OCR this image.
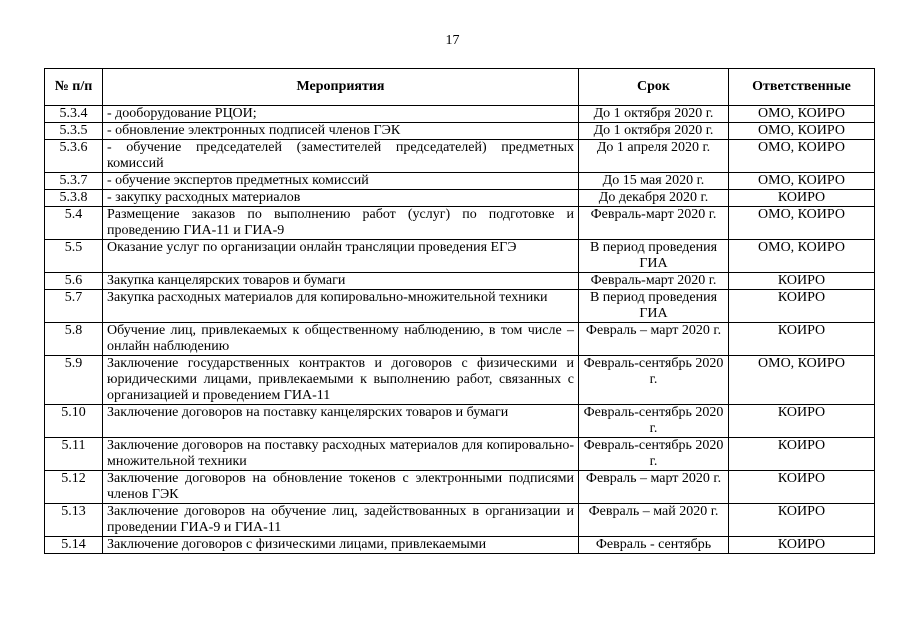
17
№ п/п	Мероприятия	Срок	Ответственные
5.3.4	- дооборудование РЦОИ;	До 1 октября 2020 г.	ОМО, КОИРО
5.3.5	- обновление электронных подписей членов ГЭК	До 1 октября 2020 г.	ОМО, КОИРО
5.3.6	- обучение председателей (заместителей председателей) предметных комиссий	До 1 апреля 2020 г.	ОМО, КОИРО
5.3.7	- обучение экспертов предметных комиссий	До 15 мая 2020 г.	ОМО, КОИРО
5.3.8	- закупку расходных материалов	До декабря 2020 г.	КОИРО
5.4	Размещение заказов по выполнению работ (услуг) по подготовке и проведению ГИА-11 и ГИА-9	Февраль-март 2020 г.	ОМО, КОИРО
5.5	Оказание услуг по организации онлайн трансляции проведения ЕГЭ	В период проведения ГИА	ОМО, КОИРО
5.6	Закупка канцелярских товаров и бумаги	Февраль-март 2020 г.	КОИРО
5.7	Закупка расходных материалов для копировально-множительной техники	В период проведения ГИА	КОИРО
5.8	Обучение лиц, привлекаемых к общественному наблюдению, в том числе – онлайн наблюдению	Февраль – март 2020 г.	КОИРО
5.9	Заключение государственных контрактов и договоров с физическими и юридическими лицами, привлекаемыми к выполнению работ, связанных с организацией и проведением ГИА-11	Февраль-сентябрь 2020 г.	ОМО, КОИРО
5.10	Заключение договоров на поставку канцелярских товаров и бумаги	Февраль-сентябрь 2020 г.	КОИРО
5.11	Заключение договоров на поставку расходных материалов для копировально-множительной техники	Февраль-сентябрь 2020 г.	КОИРО
5.12	Заключение договоров на обновление токенов с электронными подписями членов ГЭК	Февраль – март 2020 г.	КОИРО
5.13	Заключение договоров на обучение лиц, задействованных в организации и проведении ГИА-9 и ГИА-11	Февраль – май 2020 г.	КОИРО
5.14	Заключение договоров с физическими лицами, привлекаемыми	Февраль - сентябрь	КОИРО
